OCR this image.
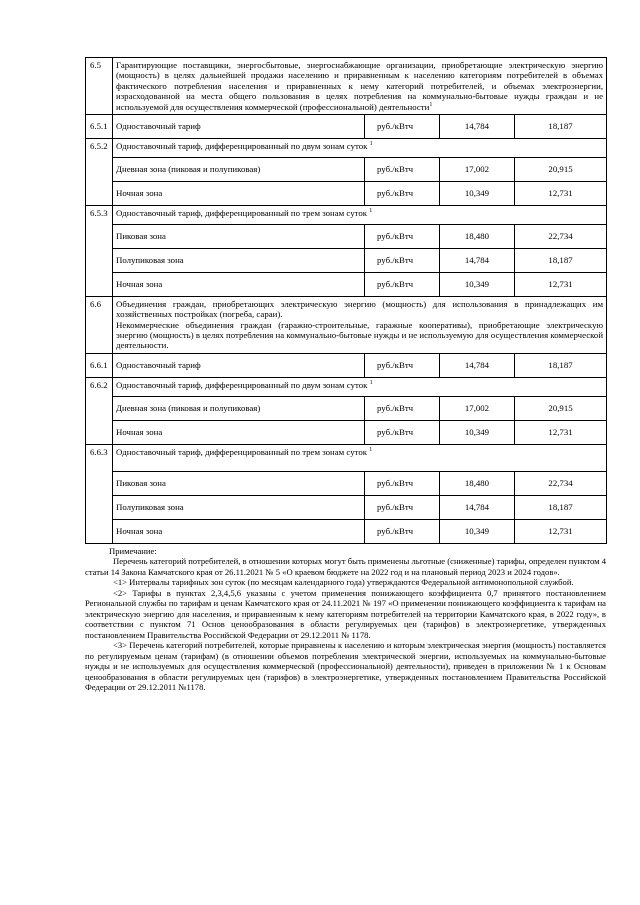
6.5	Гарантирующие поставщики, энергосбытовые, энергоснабжающие организации, приобретающие электрическую энергию (мощность) в целях дальнейшей продажи населению и приравненным к населению категориям потребителей в объемах фактического потребления населения и приравненных к нему категорий потребителей, и объемах электроэнергии, израсходованной на места общего пользования в целях потребления на коммунально-бытовые нужды граждан и не используемой для осуществления коммерческой (профессиональной) деятельности$^1$
6.5.1	Одноставочный тариф	руб./кВтч	14,784	18,187
6.5.2	Одноставочный тариф, дифференцированный по двум зонам суток $^1$
	Дневная зона (пиковая и полупиковая)	руб./кВтч	17,002	20,915
	Ночная зона	руб./кВтч	10,349	12,731
6.5.3	Одноставочный тариф, дифференцированный по трем зонам суток $^1$
	Пиковая зона	руб./кВтч	18,480	22,734
	Полупиковая зона	руб./кВтч	14,784	18,187
	Ночная зона	руб./кВтч	10,349	12,731
6.6	Объединения граждан, приобретающих электрическую энергию (мощность) для использования в принадлежащих им хозяйственных постройках (погреба, сараи).
Некоммерческие объединения граждан (гаражно-строительные, гаражные кооперативы), приобретающие электрическую энергию (мощность) в целях потребления на коммунально-бытовые нужды и не используемую для осуществления коммерческой деятельности.			

6.6.1	Одноставочный тариф	руб./кВтч	14,784	18,187
6.6.2	Одноставочный тариф, дифференцированный по двум зонам суток $^1$
	Дневная зона (пиковая и полупиковая)	руб./кВтч	17,002	20,915
	Ночная зона	руб./кВтч	10,349	12,731
6.6.3	Одноставочный тариф, дифференцированный по трем зонам суток $^1$
	Пиковая зона	руб./кВтч	18,480	22,734
	Полупиковая зона	руб./кВтч	14,784	18,187
	Ночная зона	руб./кВтч	10,349	12,731

Примечание:

Перечень категорий потребителей, в отношении которых могут быть применены льготные (сниженные) тарифы, определен пунктом 4 статьи 14 Закона Камчатского края от 26.11.2021 № 5 «О краевом бюджете на 2022 год и на плановый период 2023 и 2024 годов».

<1> Интервалы тарифных зон суток (по месяцам календарного года) утверждаются Федеральной антимонопольной службой.

<2> Тарифы в пунктах 2,3,4,5,6 указаны с учетом применения понижающего коэффициента 0,7 принятого постановлением Региональной службы по тарифам и ценам Камчатского края от 24.11.2021 № 197 «О применении понижающего коэффициента к тарифам на электрическую энергию для населения, и приравненным к нему категориям потребителей на территории Камчатского края, в 2022 году», в соответствии с пунктом 71 Основ ценообразования в области регулируемых цен (тарифов) в электроэнергетике, утвержденных постановлением Правительства Российской Федерации от 29.12.2011 № 1178.

<3> Перечень категорий потребителей, которые приравнены к населению и которым электрическая энергия (мощность) поставляется по регулируемым ценам (тарифам) (в отношении объемов потребления электрической энергии, используемых на коммунально-бытовые нужды и не используемых для осуществления коммерческой (профессиональной) деятельности), приведен в приложении № 1 к Основам ценообразования в области регулируемых цен (тарифов) в электроэнергетике, утвержденных постановлением Правительства Российской Федерации от 29.12.2011 №1178.
